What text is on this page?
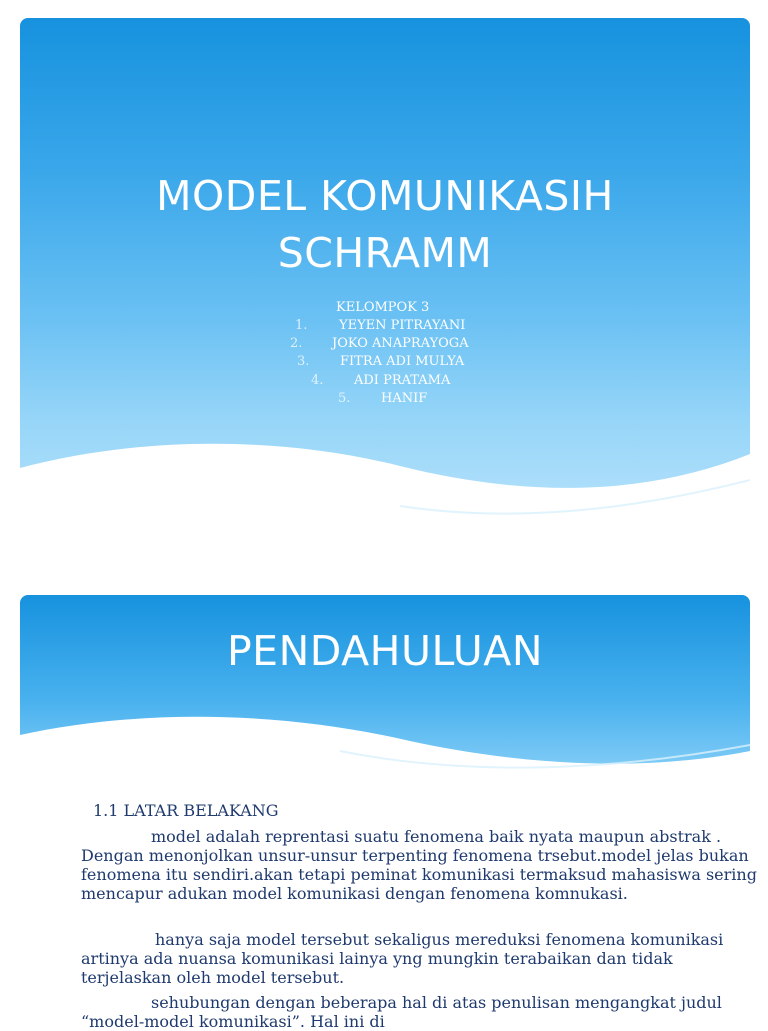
MODEL KOMUNIKASIH
SCHRAMM
KELOMPOK 3
1. YEYEN PITRAYANI
2. JOKO ANAPRAYOGA
3. FITRA ADI MULYA
4. ADI PRATAMA
5. HANIF
PENDAHULUAN
1.1 LATAR BELAKANG

model adalah reprentasi suatu fenomena baik nyata maupun abstrak . Dengan menonjolkan unsur-unsur terpenting fenomena trsebut.model jelas bukan fenomena itu sendiri.akan tetapi peminat komunikasi termaksud mahasiswa sering mencapur adukan model komunikasi dengan fenomena komnukasi.

hanya saja model tersebut sekaligus mereduksi fenomena komunikasi artinya ada nuansa komunikasi lainya yng mungkin terabaikan dan tidak terjelaskan oleh model tersebut.

sehubungan dengan beberapa hal di atas penulisan mengangkat judul “model-model komunikasi”. Hal ini di
